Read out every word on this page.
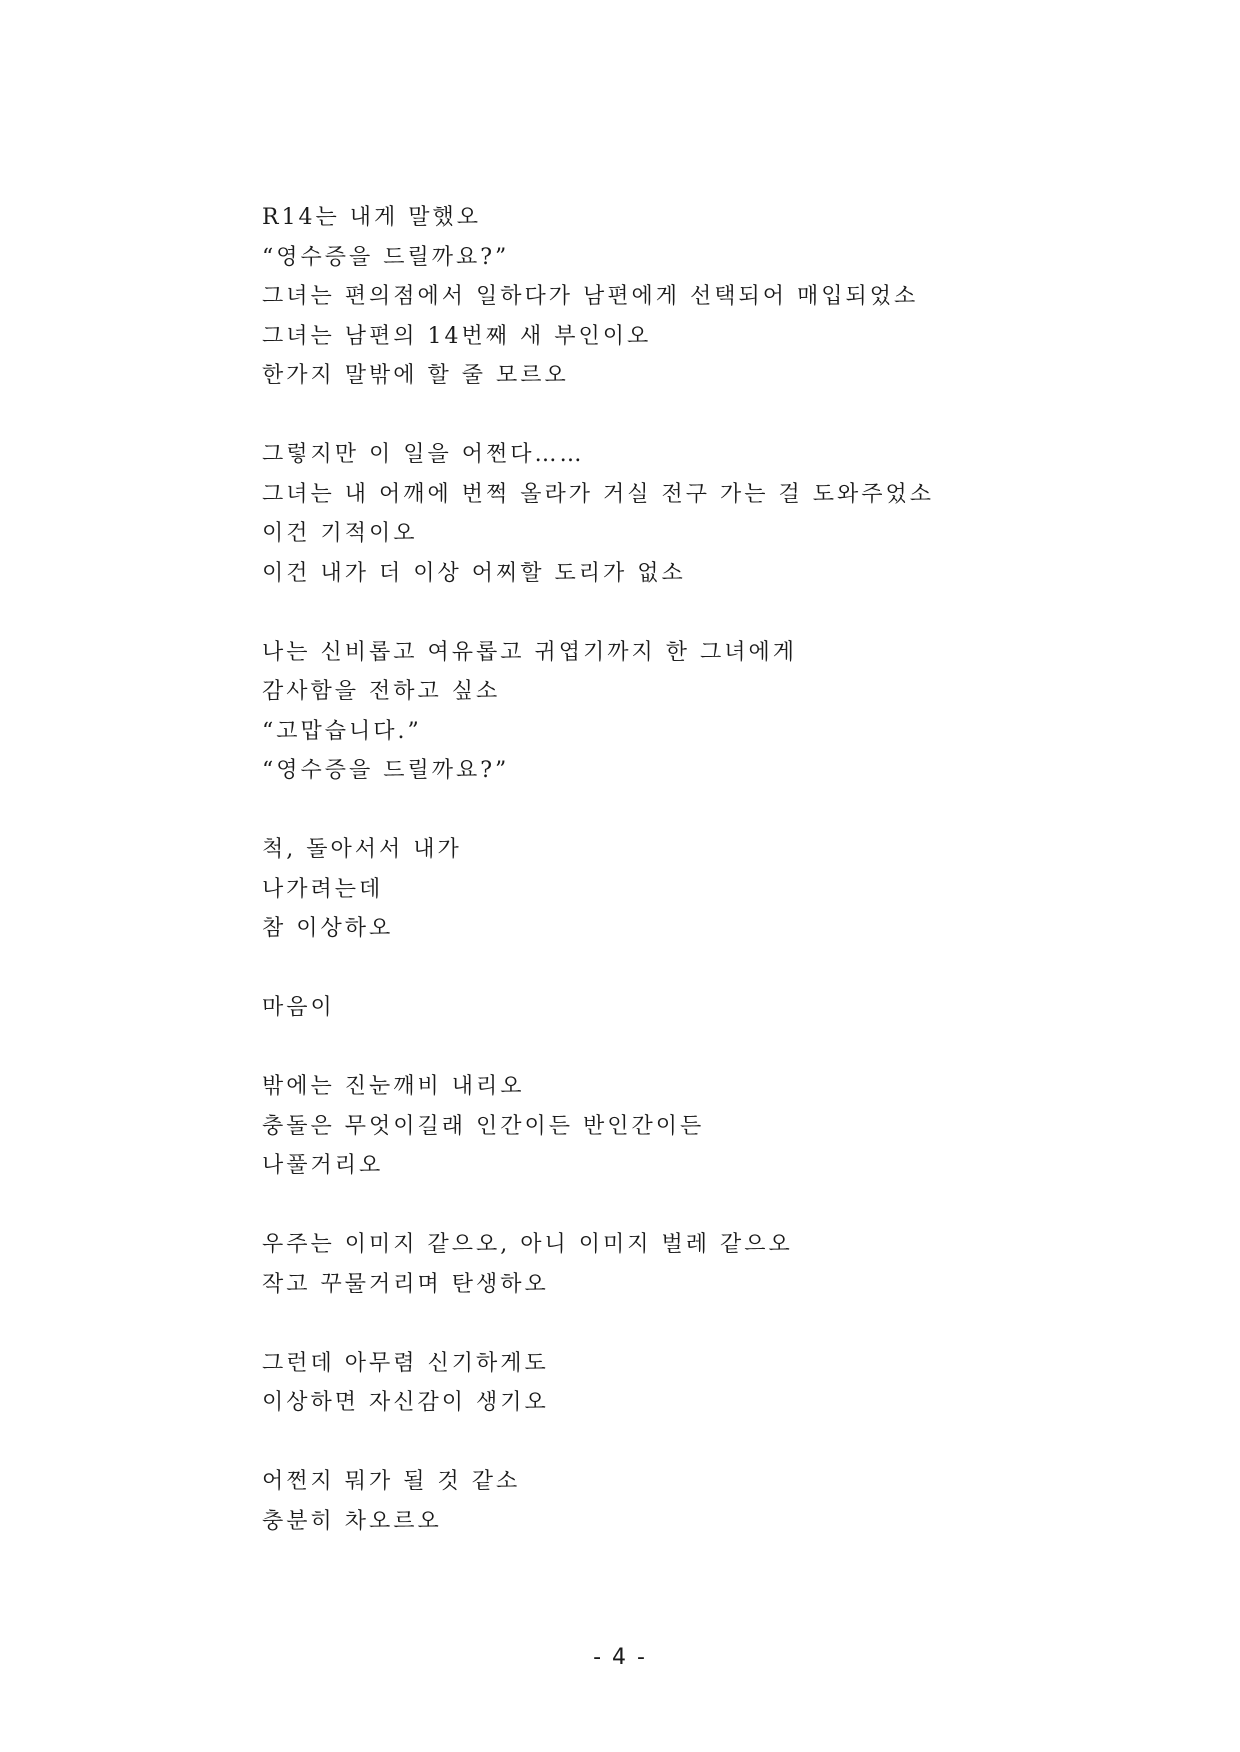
R14는 내게 말했오
“영수증을 드릴까요?”
그녀는 편의점에서 일하다가 남편에게 선택되어 매입되었소
그녀는 남편의 14번째 새 부인이오
한가지 말밖에 할 줄 모르오
그렇지만 이 일을 어쩐다……
그녀는 내 어깨에 번쩍 올라가 거실 전구 가는 걸 도와주었소
이건 기적이오
이건 내가 더 이상 어찌할 도리가 없소
나는 신비롭고 여유롭고 귀엽기까지 한 그녀에게
감사함을 전하고 싶소
“고맙습니다.”
“영수증을 드릴까요?”
척, 돌아서서 내가
나가려는데
참 이상하오
마음이
밖에는 진눈깨비 내리오
충돌은 무엇이길래 인간이든 반인간이든
나풀거리오
우주는 이미지 같으오, 아니 이미지 벌레 같으오
작고 꾸물거리며 탄생하오
그런데 아무렴 신기하게도
이상하면 자신감이 생기오
어쩐지 뭐가 될 것 같소
충분히 차오르오
- 4 -
